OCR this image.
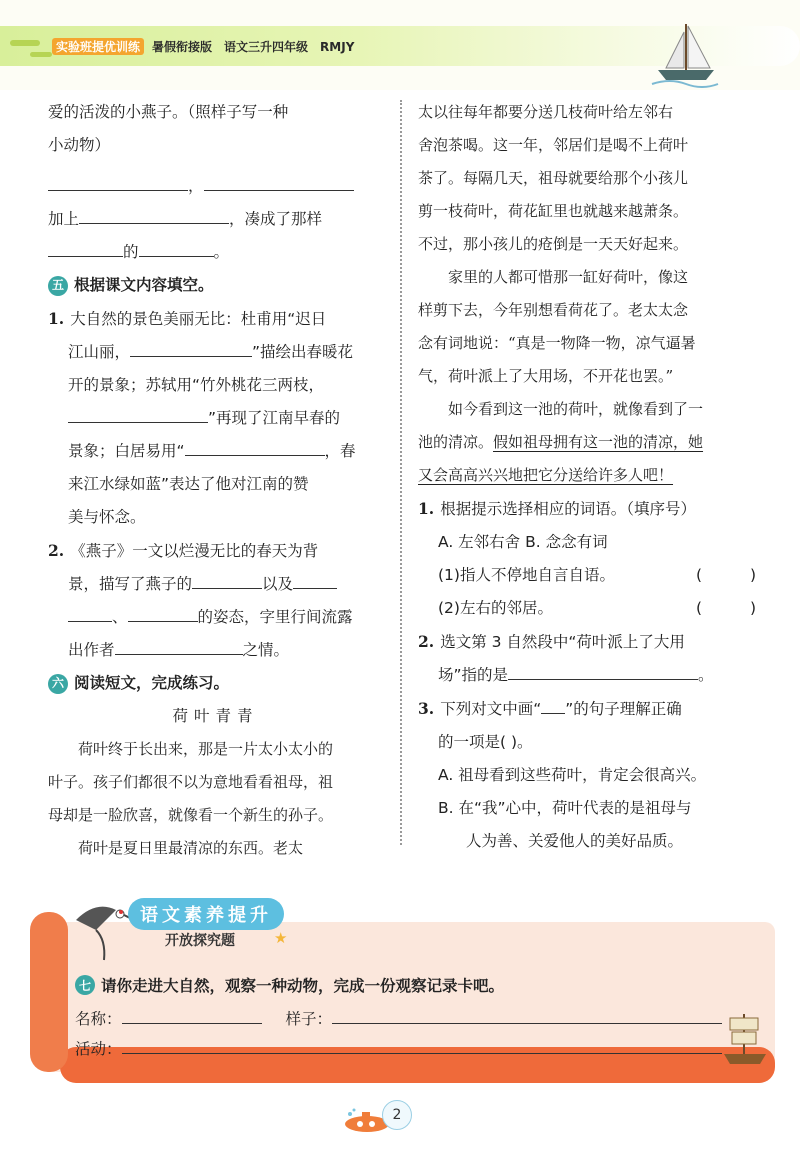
实验班提优训练 暑假衔接版 语文三升四年级 RMJY
爱的活泼的小燕子。（照样子写一种
小动物）
，
加上	，凑成了那样
的	。
五 根据课文内容填空。
1. 大自然的景色美丽无比：杜甫用“迟日
江山丽，	”描绘出春暖花
开的景象；苏轼用“竹外桃花三两枝，
”再现了江南早春的
景象；白居易用“	，春
来江水绿如蓝”表达了他对江南的赞
美与怀念。
2. 《燕子》一文以烂漫无比的春天为背
景，描写了燕子的	以及
、	的姿态，字里行间流露
出作者	之情。
六 阅读短文，完成练习。
荷叶青青
荷叶终于长出来，那是一片太小太小的
叶子。孩子们都很不以为意地看看祖母，祖
母却是一脸欣喜，就像看一个新生的孙子。
荷叶是夏日里最清凉的东西。老太
太以往每年都要分送几枝荷叶给左邻右
舍泡茶喝。这一年，邻居们是喝不上荷叶
茶了。每隔几天，祖母就要给那个小孩儿
剪一枝荷叶，荷花缸里也就越来越萧条。
不过，那小孩儿的疮倒是一天天好起来。
家里的人都可惜那一缸好荷叶，像这
样剪下去，今年别想看荷花了。老太太念
念有词地说：“真是一物降一物，凉气逼暑
气，荷叶派上了大用场，不开花也罢。”
如今看到这一池的荷叶，就像看到了一
池的清凉。假如祖母拥有这一池的清凉，她
又会高高兴兴地把它分送给许多人吧！
1. 根据提示选择相应的词语。（填序号）
A. 左邻右舍 B. 念念有词
(1)指人不停地自言自语。	(	)
(2)左右的邻居。	(	)
2. 选文第 3 自然段中“荷叶派上了大用
场”指的是	。
3. 下列对文中画“ ”的句子理解正确
的一项是( )。
A. 祖母看到这些荷叶，肯定会很高兴。
B. 在“我”心中，荷叶代表的是祖母与
人为善、关爱他人的美好品质。
语文素养提升
开放探究题	★
七 请你走进大自然，观察一种动物，完成一份观察记录卡吧。
名称：	样子：
活动：
2
